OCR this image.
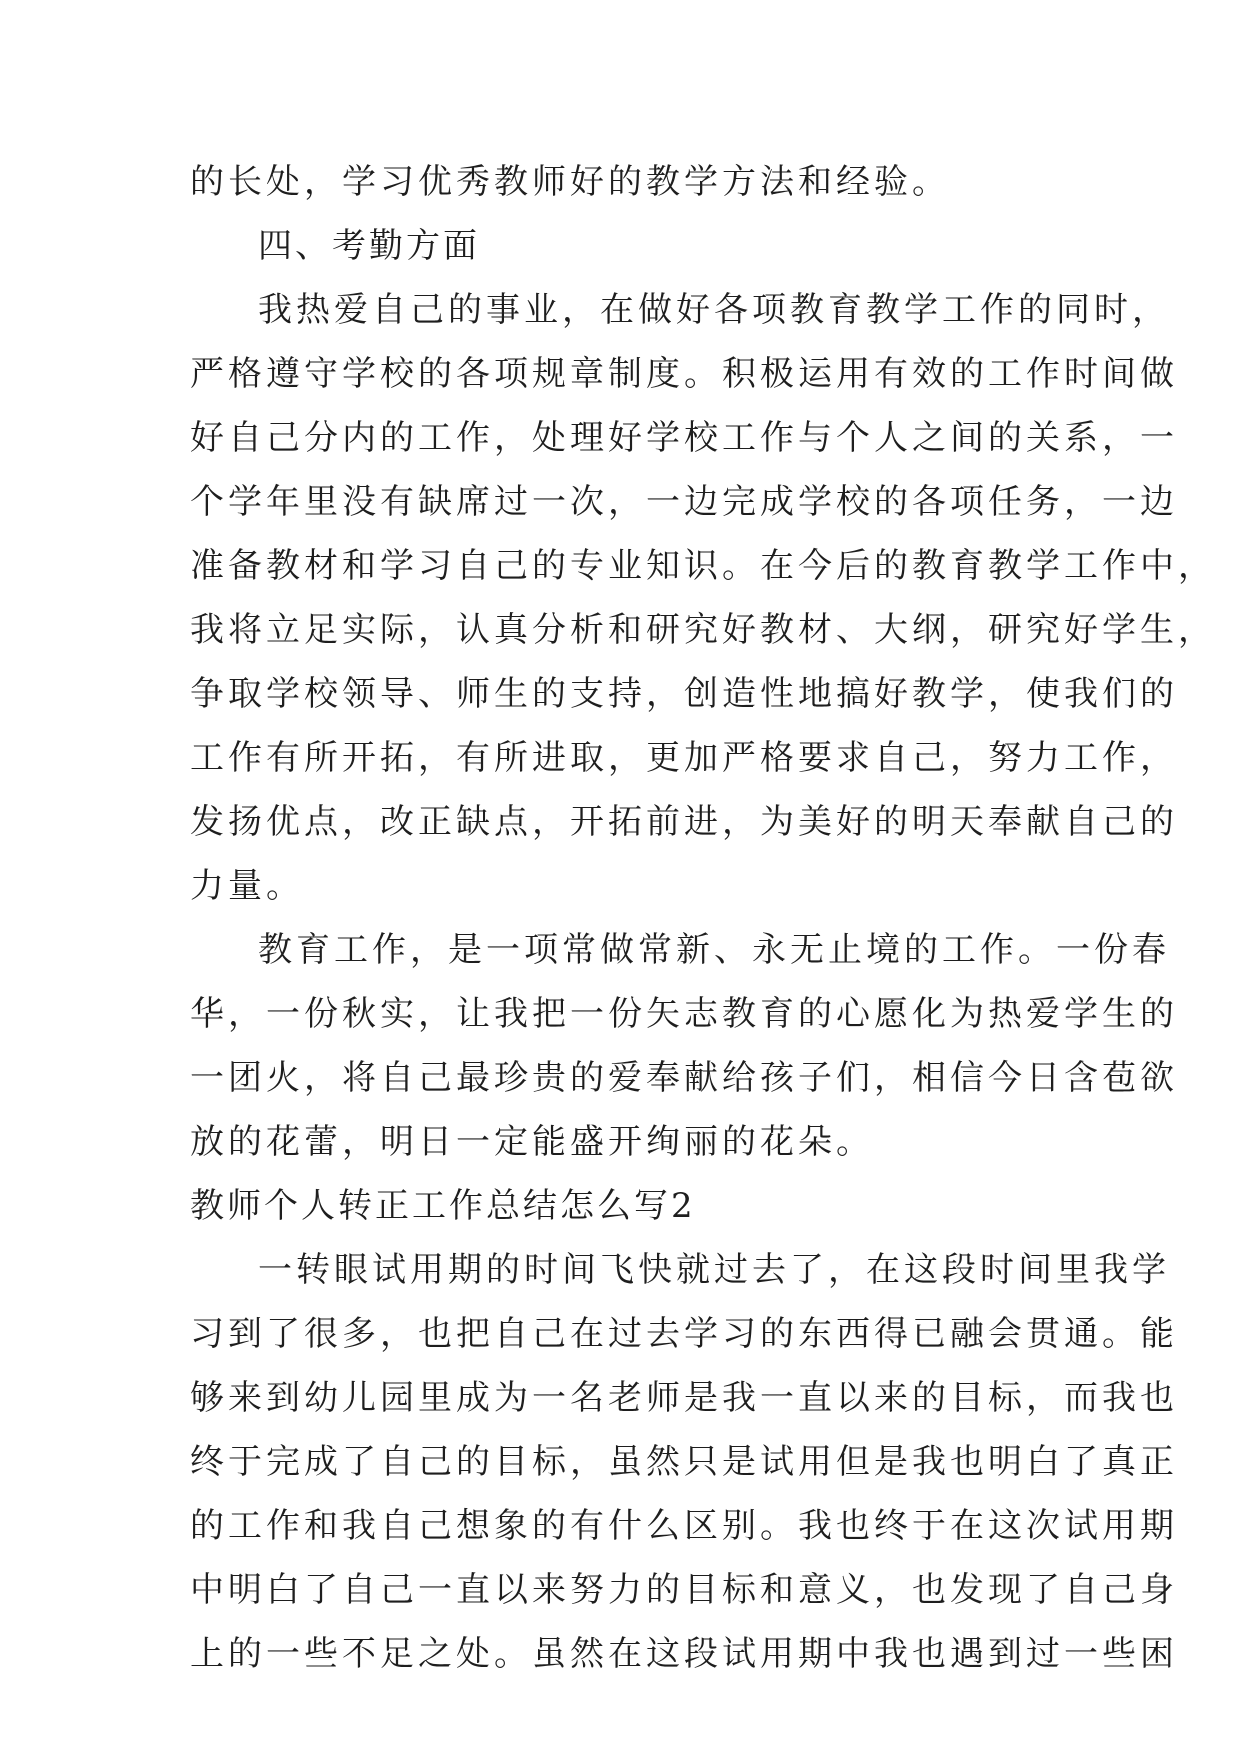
的长处，学习优秀教师好的教学方法和经验。
四、考勤方面
我热爱自己的事业，在做好各项教育教学工作的同时，
严格遵守学校的各项规章制度。积极运用有效的工作时间做
好自己分内的工作，处理好学校工作与个人之间的关系，一
个学年里没有缺席过一次，一边完成学校的各项任务，一边
准备教材和学习自己的专业知识。在今后的教育教学工作中，
我将立足实际，认真分析和研究好教材、大纲，研究好学生，
争取学校领导、师生的支持，创造性地搞好教学，使我们的
工作有所开拓，有所进取，更加严格要求自己，努力工作，
发扬优点，改正缺点，开拓前进，为美好的明天奉献自己的
力量。
教育工作，是一项常做常新、永无止境的工作。一份春
华，一份秋实，让我把一份矢志教育的心愿化为热爱学生的
一团火，将自己最珍贵的爱奉献给孩子们，相信今日含苞欲
放的花蕾，明日一定能盛开绚丽的花朵。
教师个人转正工作总结怎么写2
一转眼试用期的时间飞快就过去了，在这段时间里我学
习到了很多，也把自己在过去学习的东西得已融会贯通。能
够来到幼儿园里成为一名老师是我一直以来的目标，而我也
终于完成了自己的目标，虽然只是试用但是我也明白了真正
的工作和我自己想象的有什么区别。我也终于在这次试用期
中明白了自己一直以来努力的目标和意义，也发现了自己身
上的一些不足之处。虽然在这段试用期中我也遇到过一些困
